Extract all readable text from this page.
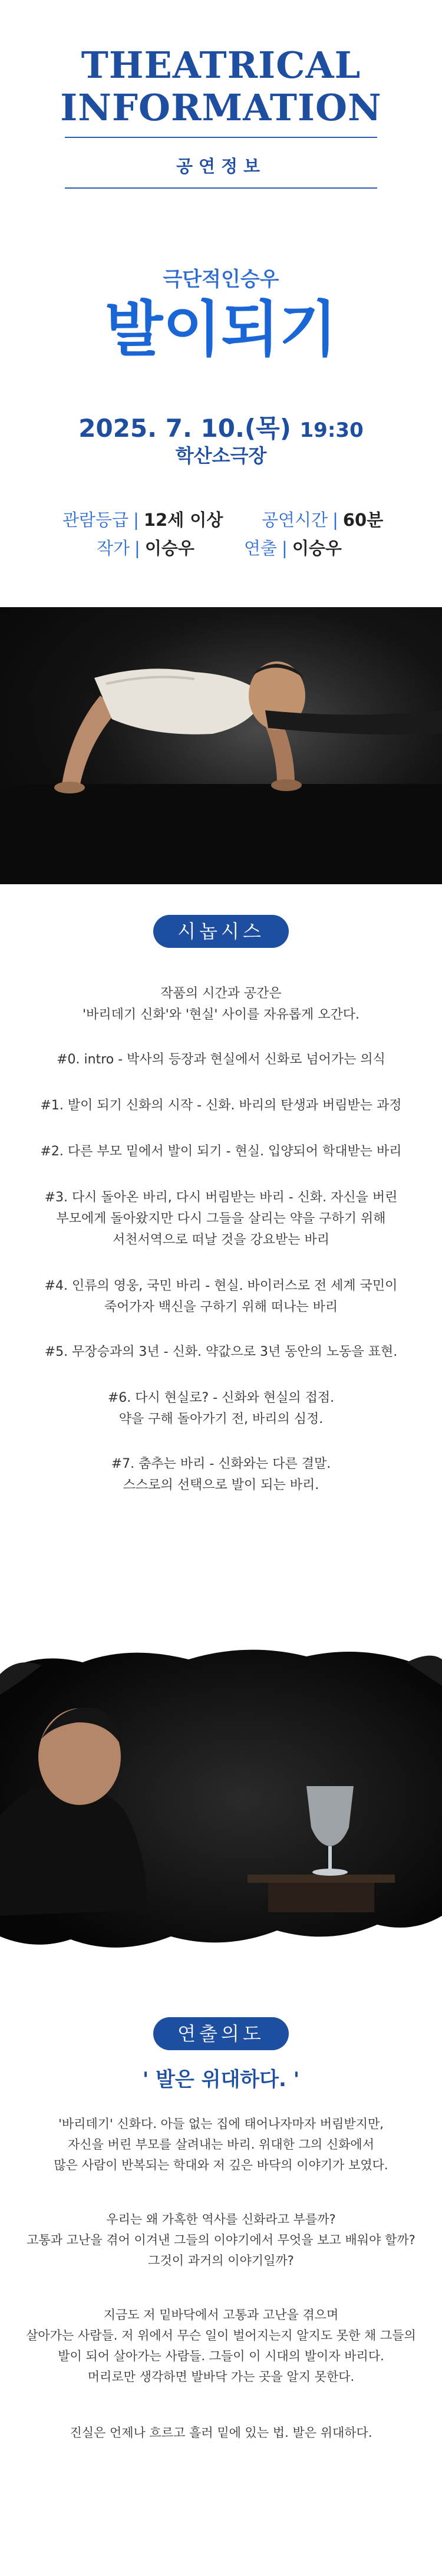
THEATRICAL
INFORMATION
공연정보
극단적인승우
발이되기
2025. 7. 10.(목) 19:30
학산소극장
관람등급 | 12세 이상 공연시간 | 60분
작가 | 이승우	연출 | 이승우
시놉시스
작품의 시간과 공간은
'바리데기 신화'와 '현실' 사이를 자유롭게 오간다.
#0. intro - 박사의 등장과 현실에서 신화로 넘어가는 의식
#1. 발이 되기 신화의 시작 - 신화. 바리의 탄생과 버림받는 과정
#2. 다른 부모 밑에서 발이 되기 - 현실. 입양되어 학대받는 바리
#3. 다시 돌아온 바리, 다시 버림받는 바리 - 신화. 자신을 버린
부모에게 돌아왔지만 다시 그들을 살리는 약을 구하기 위해
서천서역으로 떠날 것을 강요받는 바리
#4. 인류의 영웅, 국민 바리 - 현실. 바이러스로 전 세계 국민이
죽어가자 백신을 구하기 위해 떠나는 바리
#5. 무장승과의 3년 - 신화. 약값으로 3년 동안의 노동을 표현.
#6. 다시 현실로? - 신화와 현실의 접점.
약을 구해 돌아가기 전, 바리의 심정.
#7. 춤추는 바리 - 신화와는 다른 결말.
스스로의 선택으로 발이 되는 바리.
연출의도
' 발은 위대하다. '
'바리데기' 신화다. 아들 없는 집에 태어나자마자 버림받지만,
자신을 버린 부모를 살려내는 바리. 위대한 그의 신화에서
많은 사람이 반복되는 학대와 저 깊은 바닥의 이야기가 보였다.
우리는 왜 가혹한 역사를 신화라고 부를까?
고통과 고난을 겪어 이겨낸 그들의 이야기에서 무엇을 보고 배워야 할까?
그것이 과거의 이야기일까?
지금도 저 밑바닥에서 고통과 고난을 겪으며
살아가는 사람들. 저 위에서 무슨 일이 벌어지는지 알지도 못한 채 그들의
발이 되어 살아가는 사람들. 그들이 이 시대의 발이자 바리다.
머리로만 생각하면 발바닥 가는 곳을 알지 못한다.
진실은 언제나 흐르고 흘러 밑에 있는 법. 발은 위대하다.
